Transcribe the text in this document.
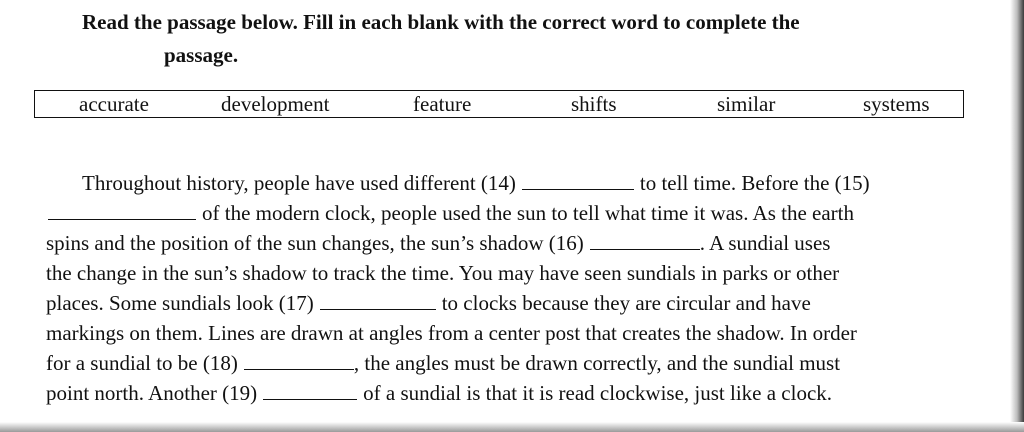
Read the passage below. Fill in each blank with the correct word to complete the
passage.
accurate	development	feature	shifts	similar	systems
Throughout history, people have used different (14)	to tell time. Before the (15)
of the modern clock, people used the sun to tell what time it was. As the earth
spins and the position of the sun changes, the sun’s shadow (16)	. A sundial uses
the change in the sun’s shadow to track the time. You may have seen sundials in parks or other
places. Some sundials look (17)	to clocks because they are circular and have
markings on them. Lines are drawn at angles from a center post that creates the shadow. In order
for a sundial to be (18)	, the angles must be drawn correctly, and the sundial must
point north. Another (19)	of a sundial is that it is read clockwise, just like a clock.
